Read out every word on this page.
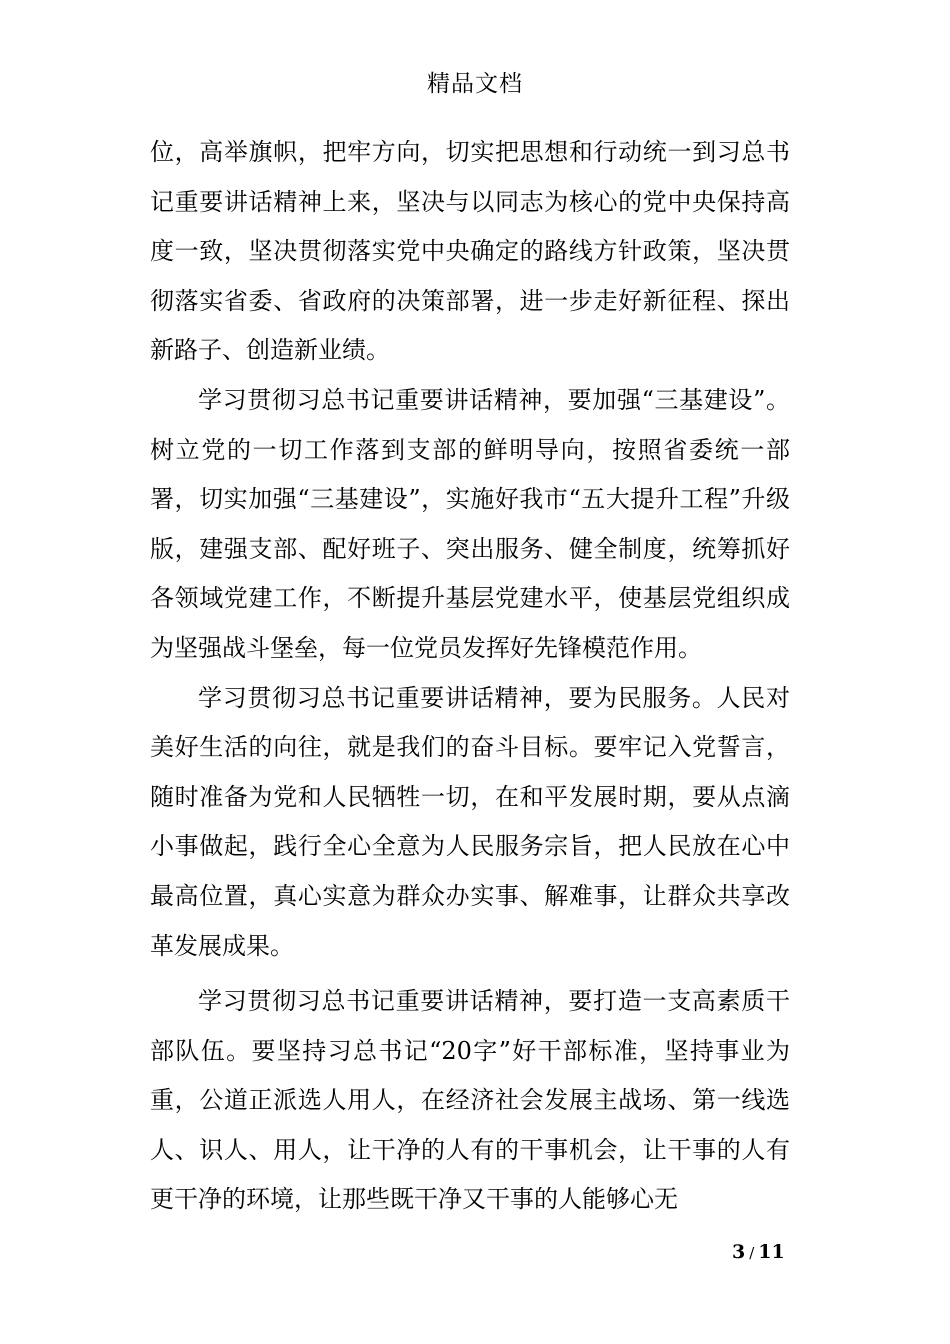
精品文档

位，高举旗帜，把牢方向，切实把思想和行动统一到习总书记重要讲话精神上来，坚决与以同志为核心的党中央保持高度一致，坚决贯彻落实党中央确定的路线方针政策，坚决贯彻落实省委、省政府的决策部署，进一步走好新征程、探出新路子、创造新业绩。

学习贯彻习总书记重要讲话精神，要加强“三基建设”。树立党的一切工作落到支部的鲜明导向，按照省委统一部署，切实加强“三基建设”，实施好我市“五大提升工程”升级版，建强支部、配好班子、突出服务、健全制度，统筹抓好各领域党建工作，不断提升基层党建水平，使基层党组织成为坚强战斗堡垒，每一位党员发挥好先锋模范作用。

学习贯彻习总书记重要讲话精神，要为民服务。人民对美好生活的向往，就是我们的奋斗目标。要牢记入党誓言，随时准备为党和人民牺牲一切，在和平发展时期，要从点滴小事做起，践行全心全意为人民服务宗旨，把人民放在心中最高位置，真心实意为群众办实事、解难事，让群众共享改革发展成果。

学习贯彻习总书记重要讲话精神，要打造一支高素质干部队伍。要坚持习总书记“20字”好干部标准，坚持事业为重，公道正派选人用人，在经济社会发展主战场、第一线选人、识人、用人，让干净的人有的干事机会，让干事的人有更干净的环境，让那些既干净又干事的人能够心无

3 / 11
